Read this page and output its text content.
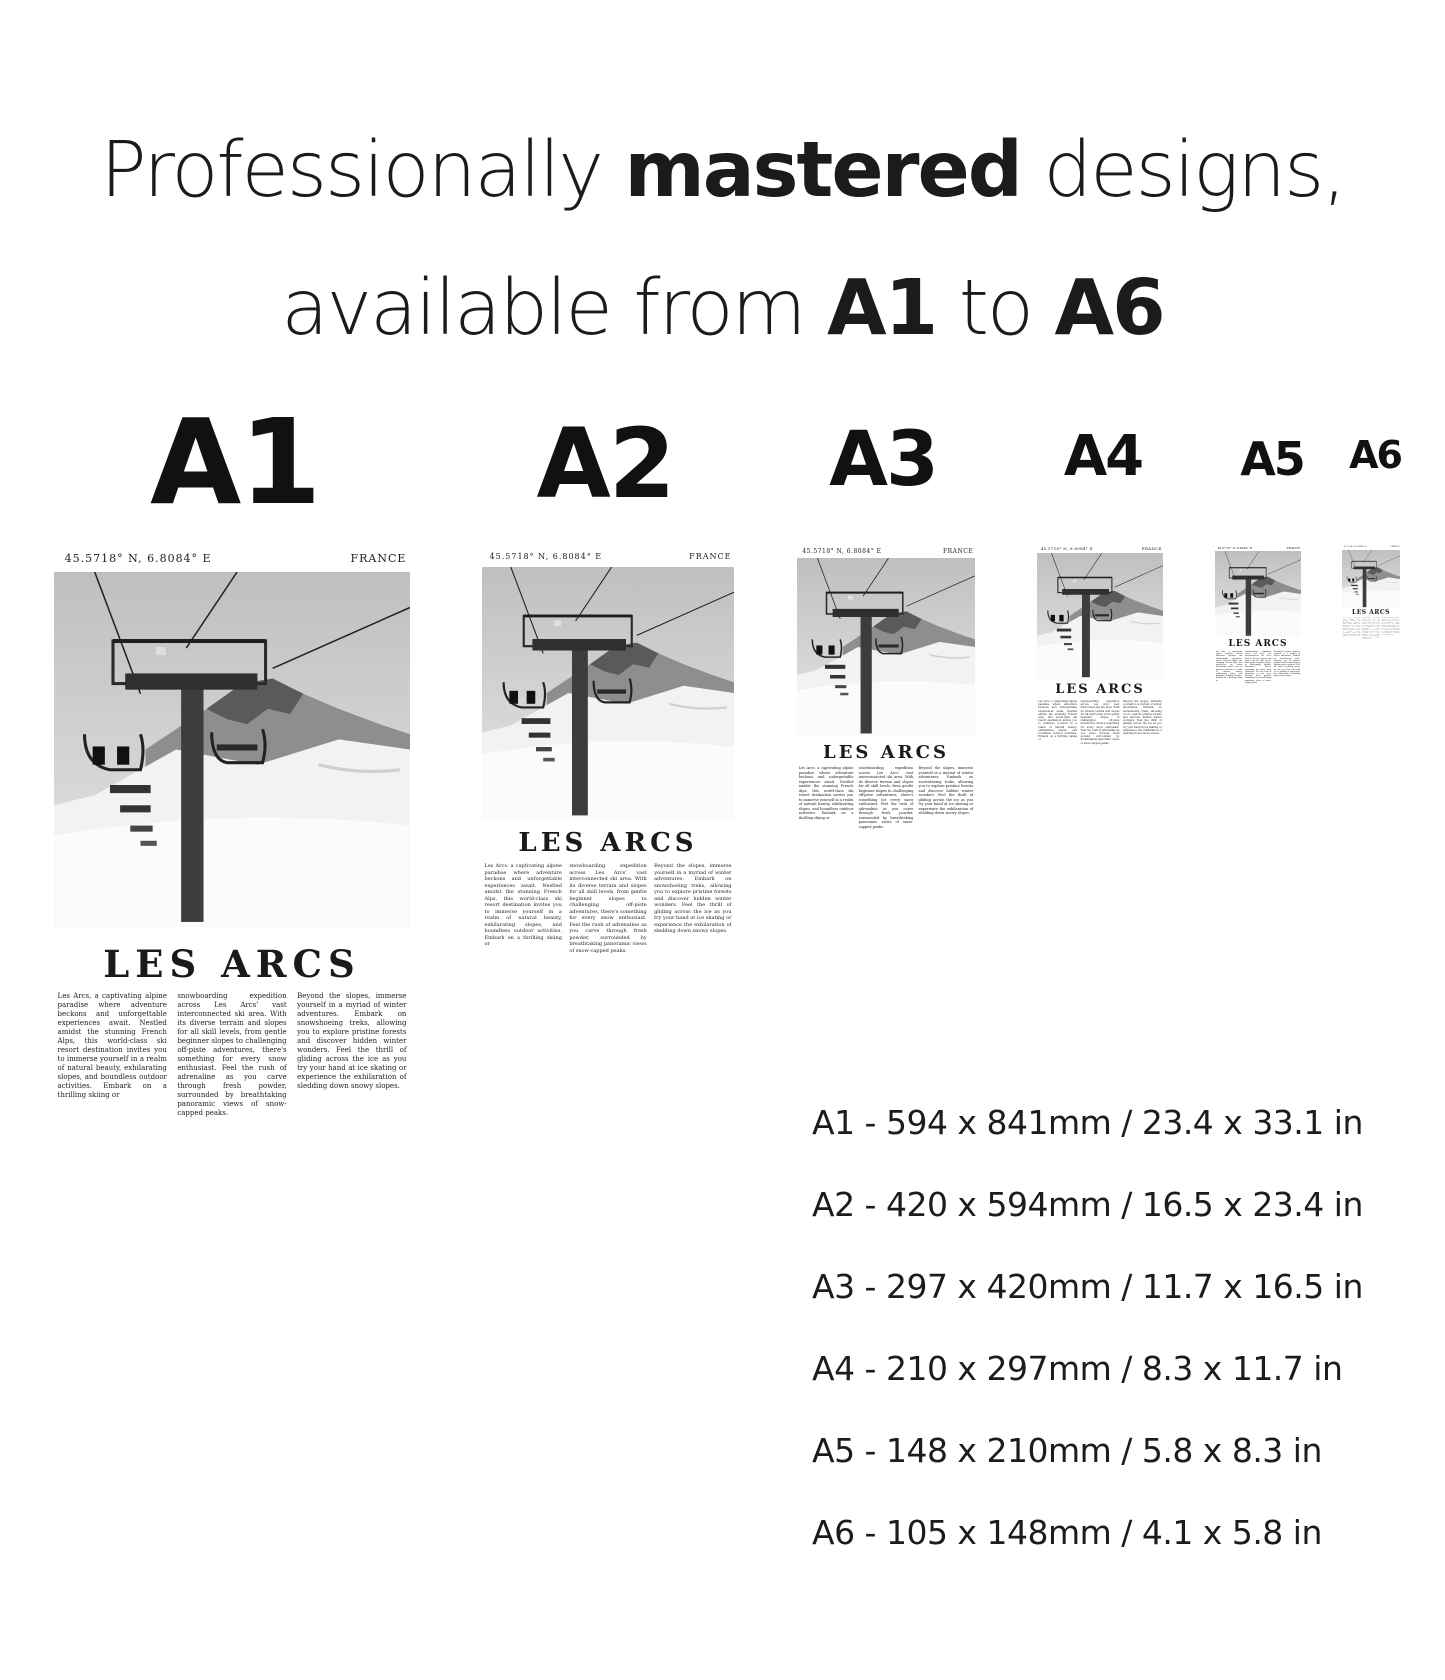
Professionally mastered designs,
available from A1 to A6
A1 A2 A3 A4	A5	A6
45.5718° N, 6.8084° E	FRANCE
LES ARCS
Les Arcs, a captivating alpine paradise where adventure beckons and unforgettable experiences await. Nestled amidst the stunning French Alps, this world-class ski resort destination invites you to immerse yourself in a realm of natural beauty, exhilarating slopes, and boundless outdoor activities. Embark on a thrilling skiing or
snowboarding expedition across Les Arcs' vast interconnected ski area. With its diverse terrain and slopes for all skill levels, from gentle beginner slopes to challenging off-piste adventures, there's something for every snow enthusiast. Feel the rush of adrenaline as you carve through fresh powder, surrounded by breathtaking panoramic views of snow-capped peaks.
Beyond the slopes, immerse yourself in a myriad of winter adventures. Embark on snowshoeing treks, allowing you to explore pristine forests and discover hidden winter wonders. Feel the thrill of gliding across the ice as you try your hand at ice skating or experience the exhilaration of sledding down snowy slopes.
45.5718° N, 6.8084° E	FRANCE
LES ARCS
Les Arcs, a captivating alpine paradise where adventure beckons and unforgettable experiences await. Nestled amidst the stunning French Alps, this world-class ski resort destination invites you to immerse yourself in a realm of natural beauty, exhilarating slopes, and boundless outdoor activities. Embark on a thrilling skiing or
snowboarding expedition across Les Arcs' vast interconnected ski area. With its diverse terrain and slopes for all skill levels, from gentle beginner slopes to challenging off-piste adventures, there's something for every snow enthusiast. Feel the rush of adrenaline as you carve through fresh powder, surrounded by breathtaking panoramic views of snow-capped peaks.
Beyond the slopes, immerse yourself in a myriad of winter adventures. Embark on snowshoeing treks, allowing you to explore pristine forests and discover hidden winter wonders. Feel the thrill of gliding across the ice as you try your hand at ice skating or experience the exhilaration of sledding down snowy slopes.
45.5718° N, 6.8084° E	FRANCE
LES ARCS
Les Arcs, a captivating alpine paradise where adventure beckons and unforgettable experiences await. Nestled amidst the stunning French Alps, this world-class ski resort destination invites you to immerse yourself in a realm of natural beauty, exhilarating slopes, and boundless outdoor activities. Embark on a thrilling skiing or
snowboarding expedition across Les Arcs' vast interconnected ski area. With its diverse terrain and slopes for all skill levels, from gentle beginner slopes to challenging off-piste adventures, there's something for every snow enthusiast. Feel the rush of adrenaline as you carve through fresh powder, surrounded by breathtaking panoramic views of snow-capped peaks.
Beyond the slopes, immerse yourself in a myriad of winter adventures. Embark on snowshoeing treks, allowing you to explore pristine forests and discover hidden winter wonders. Feel the thrill of gliding across the ice as you try your hand at ice skating or experience the exhilaration of sledding down snowy slopes.
45.5718° N, 6.8084° E	FRANCE
LES ARCS
Les Arcs, a captivating alpine paradise where adventure beckons and unforgettable experiences await. Nestled amidst the stunning French Alps, this world-class ski resort destination invites you to immerse yourself in a realm of natural beauty, exhilarating slopes, and boundless outdoor activities. Embark on a thrilling skiing or
snowboarding expedition across Les Arcs' vast interconnected ski area. With its diverse terrain and slopes for all skill levels, from gentle beginner slopes to challenging off-piste adventures, there's something for every snow enthusiast. Feel the rush of adrenaline as you carve through fresh powder, surrounded by breathtaking panoramic views of snow-capped peaks.
Beyond the slopes, immerse yourself in a myriad of winter adventures. Embark on snowshoeing treks, allowing you to explore pristine forests and discover hidden winter wonders. Feel the thrill of gliding across the ice as you try your hand at ice skating or experience the exhilaration of sledding down snowy slopes.
45.5718° N, 6.8084° E	FRANCE
LES ARCS
Les Arcs, a captivating alpine paradise where adventure beckons and unforgettable experiences await. Nestled amidst the stunning French Alps, this world-class ski resort destination invites you to immerse yourself in a realm of natural beauty, exhilarating slopes, and boundless outdoor activities. Embark on a thrilling skiing or
snowboarding expedition across Les Arcs' vast interconnected ski area. With its diverse terrain and slopes for all skill levels, from gentle beginner slopes to challenging off-piste adventures, there's something for every snow enthusiast. Feel the rush of adrenaline as you carve through fresh powder, surrounded by breathtaking panoramic views of snow-capped peaks.
Beyond the slopes, immerse yourself in a myriad of winter adventures. Embark on snowshoeing treks, allowing you to explore pristine forests and discover hidden winter wonders. Feel the thrill of gliding across the ice as you try your hand at ice skating or experience the exhilaration of sledding down snowy slopes.
45.5718° N, 6.8084° E	FRANCE
LES ARCS
Les Arcs, a captivating alpine paradise where adventure beckons and unforgettable experiences await. Nestled amidst the stunning French Alps, this world-class ski resort destination invites you to immerse yourself in a realm of natural beauty, exhilarating slopes, and boundless outdoor activities. Embark on a thrilling skiing or
snowboarding expedition across Les Arcs' vast interconnected ski area. With its diverse terrain and slopes for all skill levels, from gentle beginner slopes to challenging off-piste adventures, there's something for every snow enthusiast. Feel the rush of adrenaline as you carve through fresh powder, surrounded by breathtaking panoramic views of snow-capped peaks.
Beyond the slopes, immerse yourself in a myriad of winter adventures. Embark on snowshoeing treks, allowing you to explore pristine forests and discover hidden winter wonders. Feel the thrill of gliding across the ice as you try your hand at ice skating or experience the exhilaration of sledding down snowy slopes.
A1 - 594 x 841mm / 23.4 x 33.1 in
A2 - 420 x 594mm / 16.5 x 23.4 in
A3 - 297 x 420mm / 11.7 x 16.5 in
A4 - 210 x 297mm / 8.3 x 11.7 in
A5 - 148 x 210mm / 5.8 x 8.3 in
A6 - 105 x 148mm / 4.1 x 5.8 in
